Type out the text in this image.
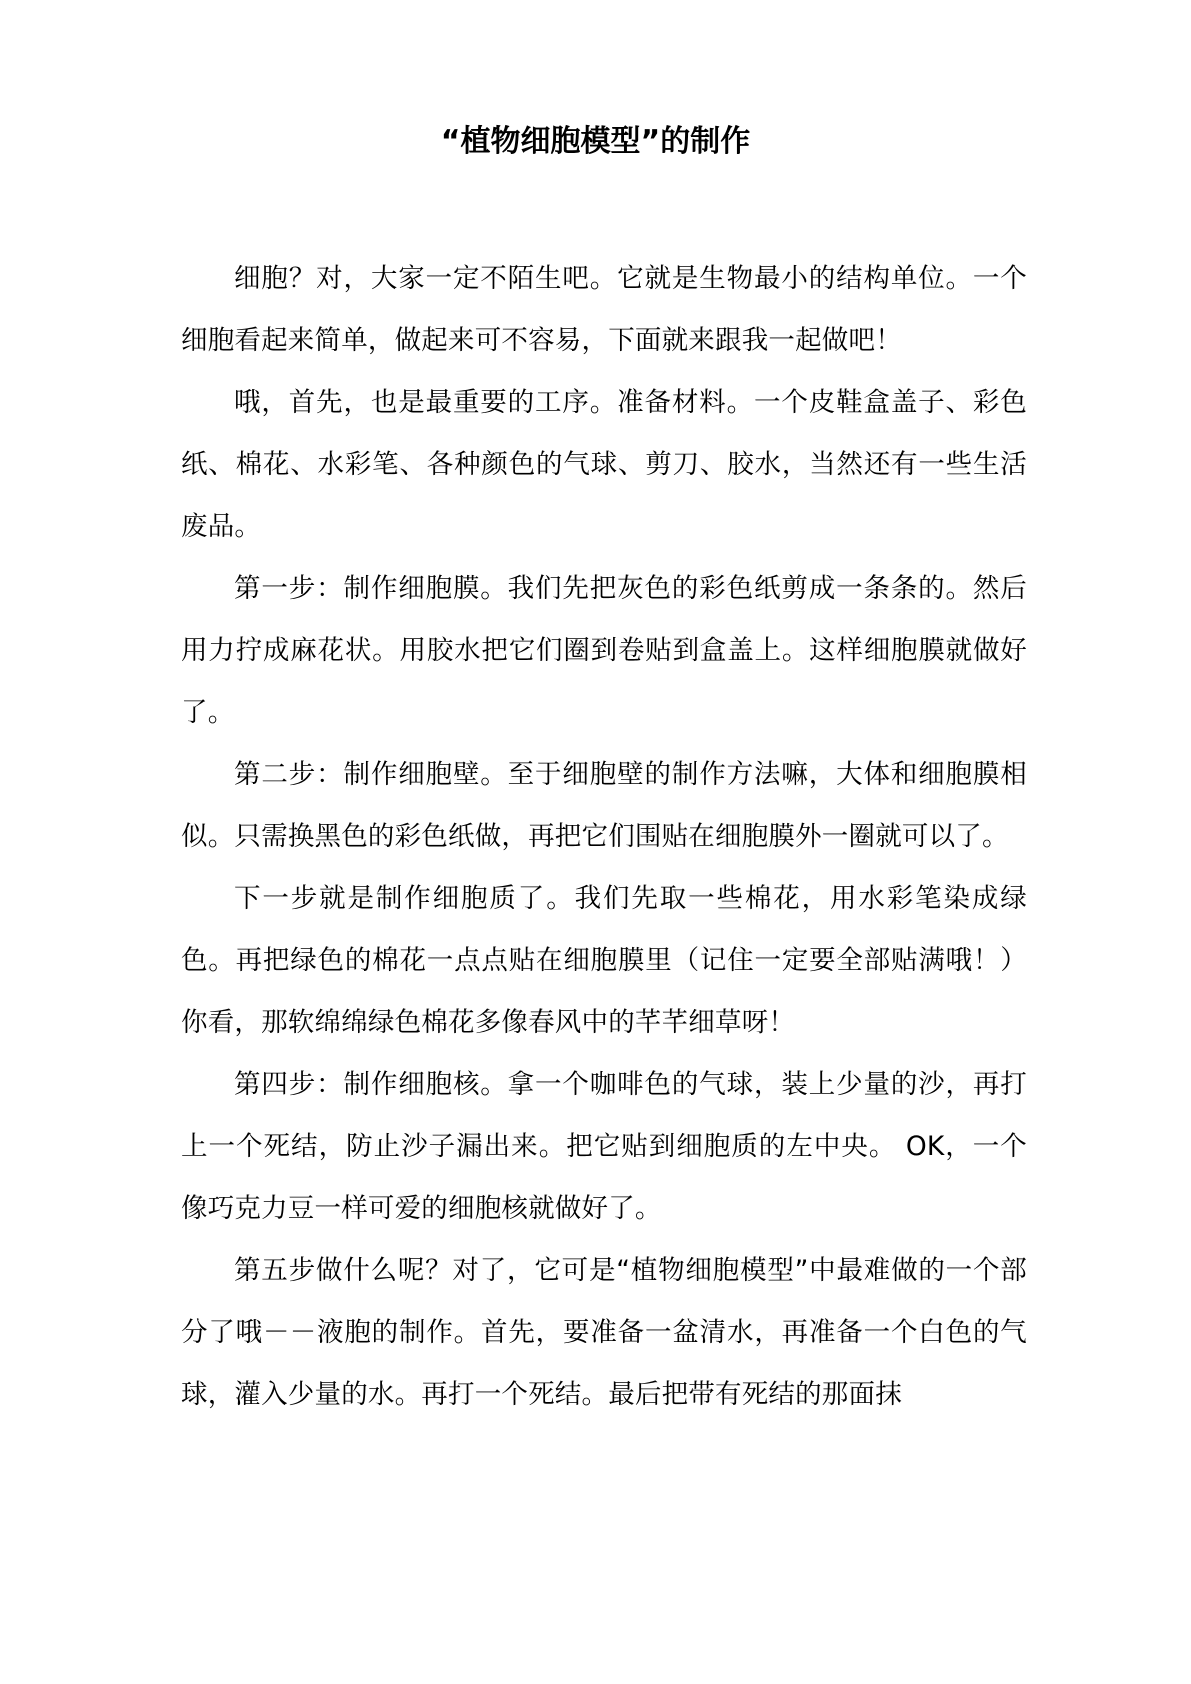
“植物细胞模型”的制作

细胞？对，大家一定不陌生吧。它就是生物最小的结构单位。一个细胞看起来简单，做起来可不容易，下面就来跟我一起做吧！

哦，首先，也是最重要的工序。准备材料。一个皮鞋盒盖子、彩色纸、棉花、水彩笔、各种颜色的气球、剪刀、胶水，当然还有一些生活废品。

第一步：制作细胞膜。我们先把灰色的彩色纸剪成一条条的。然后用力拧成麻花状。用胶水把它们圈到卷贴到盒盖上。这样细胞膜就做好了。

第二步：制作细胞壁。至于细胞壁的制作方法嘛，大体和细胞膜相似。只需换黑色的彩色纸做，再把它们围贴在细胞膜外一圈就可以了。

下一步就是制作细胞质了。我们先取一些棉花，用水彩笔染成绿色。再把绿色的棉花一点点贴在细胞膜里（记住一定要全部贴满哦！）你看，那软绵绵绿色棉花多像春风中的芊芊细草呀！

第四步：制作细胞核。拿一个咖啡色的气球，装上少量的沙，再打上一个死结，防止沙子漏出来。把它贴到细胞质的左中央。 OK，一个像巧克力豆一样可爱的细胞核就做好了。

第五步做什么呢？对了，它可是“植物细胞模型”中最难做的一个部分了哦－－液胞的制作。首先，要准备一盆清水，再准备一个白色的气球，灌入少量的水。再打一个死结。最后把带有死结的那面抹
